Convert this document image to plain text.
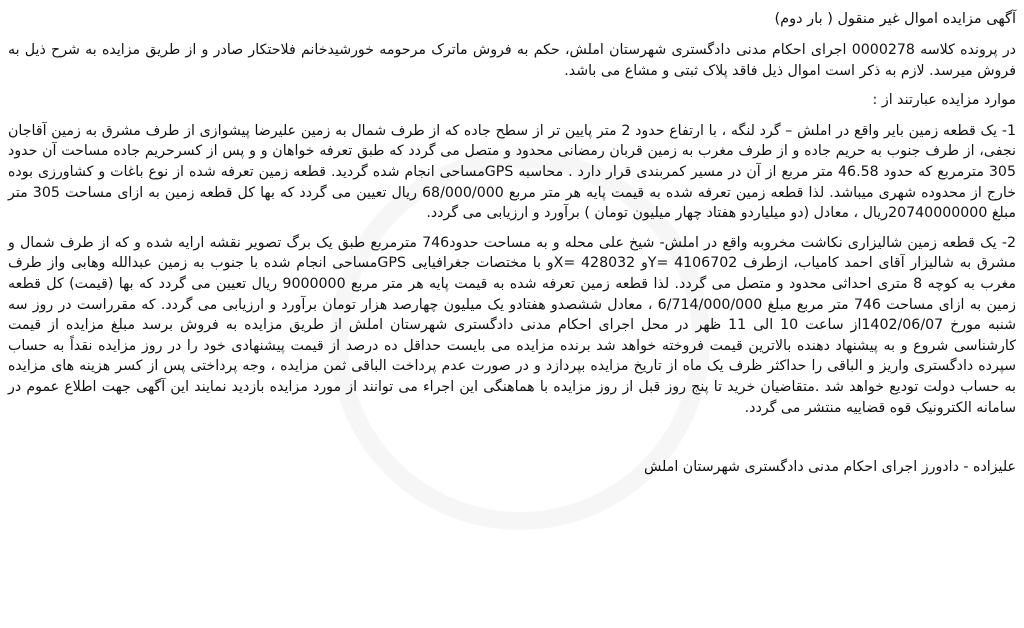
آگهی مزایده اموال غیر منقول ( بار دوم)

در پرونده کلاسه 0000278 اجرای احکام مدنی دادگستری شهرستان املش، حکم به فروش ماترک مرحومه خورشیدخانم فلاحتکار صادر و از طریق مزایده به شرح ذیل به فروش میرسد. لازم به ذکر است اموال ذیل فاقد پلاک ثبتی و مشاع می باشد.

موارد مزایده عبارتند از :

1- یک قطعه زمین بایر واقع در املش – گرد لنگه ، با ارتفاع حدود 2 متر پایین تر از سطح جاده که از طرف شمال به زمین علیرضا پیشوازی از طرف مشرق به زمین آقاجان نجفی، از طرف جنوب به حریم جاده و از طرف مغرب به زمین قربان رمضانی محدود و متصل می گردد که طبق تعرفه خواهان و و پس از کسرحریم جاده مساحت آن حدود 305 مترمربع که حدود 46.58 متر مربع از آن در مسیر کمربندی قرار دارد . محاسبه GPSمساحی انجام شده گردید. قطعه زمین تعرفه شده از نوع باغات و کشاورزی بوده خارج از محدوده شهری میباشد. لذا قطعه زمین تعرفه شده به قیمت پایه هر متر مربع 68/000/000 ریال تعیین می گردد که بها کل قطعه زمین به ازای مساحت 305 متر مبلغ 20740000000ریال ، معادل (دو میلیاردو هفتاد چهار میلیون تومان ) برآورد و ارزیابی می گردد.

2- یک قطعه زمین شالیزاری نکاشت مخروبه واقع در املش- شیخ علی محله و به مساحت حدود746 مترمربع طبق یک برگ تصویر نقشه ارایه شده و که از طرف شمال و مشرق به شالیزار آقای احمد کامیاب، ازطرف Y= 4106702و X= 428032و با مختصات جغرافیایی GPSمساحی انجام شده با جنوب به زمین عبدالله وهابی واز طرف مغرب به کوچه 8 متری احداثی محدود و متصل می گردد. لذا قطعه زمین تعرفه شده به قیمت پایه هر متر مربع 9000000 ریال تعیین می گردد که بها (قیمت) کل قطعه زمین به ازای مساحت 746 متر مربع مبلغ 6/714/000/000 ، معادل ششصدو هفتادو یک میلیون چهارصد هزار تومان برآورد و ارزیابی می گردد. که مقرراست در روز سه شنبه مورخ 1402/06/07از ساعت 10 الی 11 ظهر در محل اجرای احکام مدنی دادگستری شهرستان املش از طریق مزایده به فروش برسد مبلغ مزایده از قیمت کارشناسی شروع و به پیشنهاد دهنده بالاترین قیمت فروخته خواهد شد برنده مزایده می بایست حداقل ده درصد از قیمت پیشنهادی خود را در روز مزایده نقداً به حساب سپرده دادگستری واریز و الباقی را حداکثر ظرف یک ماه از تاریخ مزایده بپردازد و در صورت عدم پرداخت الباقی ثمن مزایده ، وجه پرداختی پس از کسر هزینه های مزایده به حساب دولت تودیع خواهد شد .متقاضیان خرید تا پنج روز قبل از روز مزایده با هماهنگی این اجراء می توانند از مورد مزایده بازدید نمایند این آگهی جهت اطلاع عموم در سامانه الکترونیک قوه قضاییه منتشر می گردد.

علیزاده - دادورز اجرای احکام مدنی دادگستری شهرستان املش
